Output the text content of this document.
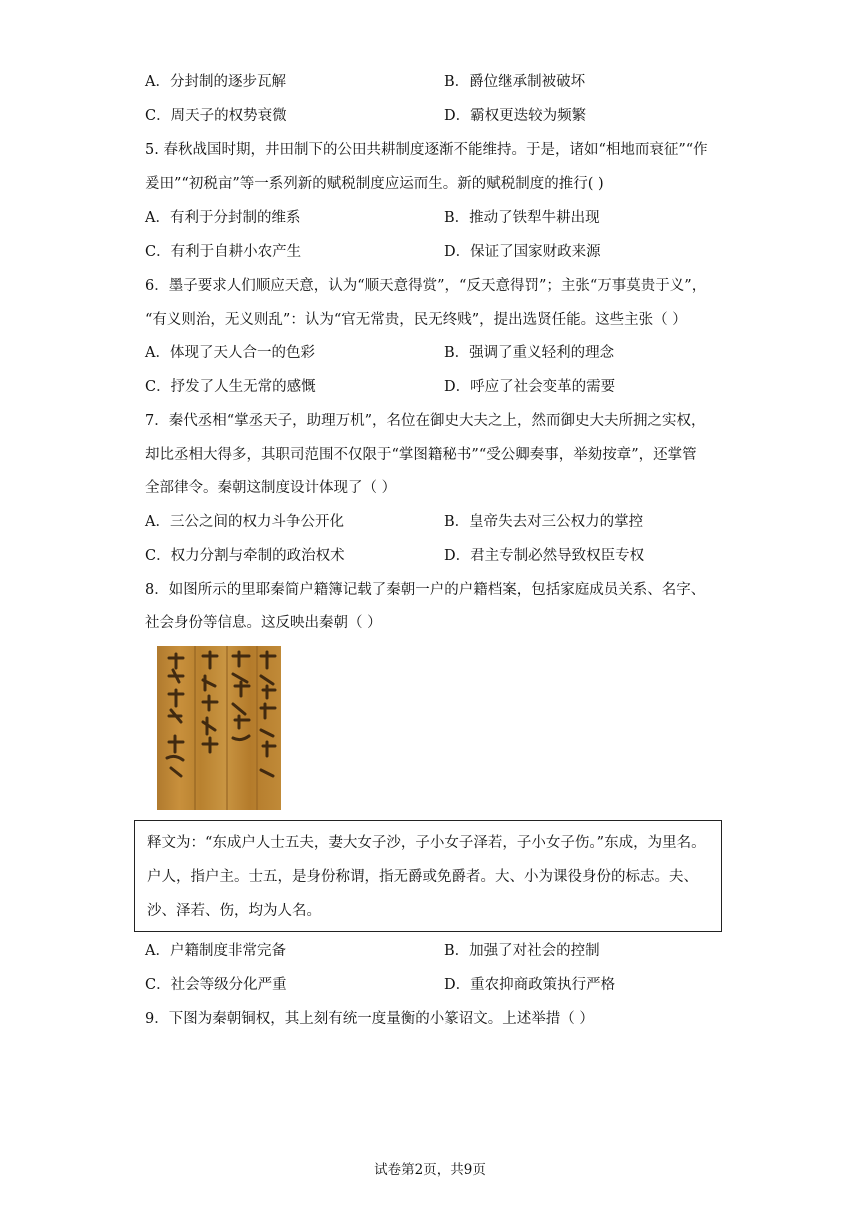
A．分封制的逐步瓦解	B．爵位继承制被破坏
C．周天子的权势衰微	D．霸权更迭较为频繁
5. 春秋战国时期，井田制下的公田共耕制度逐渐不能维持。于是，诸如“相地而衰征”“作
爰田”“初税亩”等一系列新的赋税制度应运而生。新的赋税制度的推行( )
A．有利于分封制的维系	B．推动了铁犁牛耕出现
C．有利于自耕小农产生	D．保证了国家财政来源
6．墨子要求人们顺应天意，认为“顺天意得赏”，“反天意得罚”；主张“万事莫贵于义”，
“有义则治，无义则乱”：认为“官无常贵，民无终贱”，提出选贤任能。这些主张（ ）
A．体现了天人合一的色彩	B．强调了重义轻利的理念
C．抒发了人生无常的感慨	D．呼应了社会变革的需要
7．秦代丞相“掌丞天子，助理万机”，名位在御史大夫之上，然而御史大夫所拥之实权，
却比丞相大得多，其职司范围不仅限于“掌图籍秘书”“受公卿奏事，举劾按章”，还掌管
全部律令。秦朝这制度设计体现了（ ）
A．三公之间的权力斗争公开化	B．皇帝失去对三公权力的掌控
C．权力分割与牵制的政治权术	D．君主专制必然导致权臣专权
8．如图所示的里耶秦简户籍簿记载了秦朝一户的户籍档案，包括家庭成员关系、名字、
社会身份等信息。这反映出秦朝（ ）
释文为：“东成户人士五夫，妻大女子沙，子小女子泽若，子小女子伤。”东成，为里名。
户人，指户主。士五，是身份称谓，指无爵或免爵者。大、小为课役身份的标志。夫、
沙、泽若、伤，均为人名。
A．户籍制度非常完备	B．加强了对社会的控制
C．社会等级分化严重	D．重农抑商政策执行严格
9．下图为秦朝铜权，其上刻有统一度量衡的小篆诏文。上述举措（ ）
试卷第2页，共9页
